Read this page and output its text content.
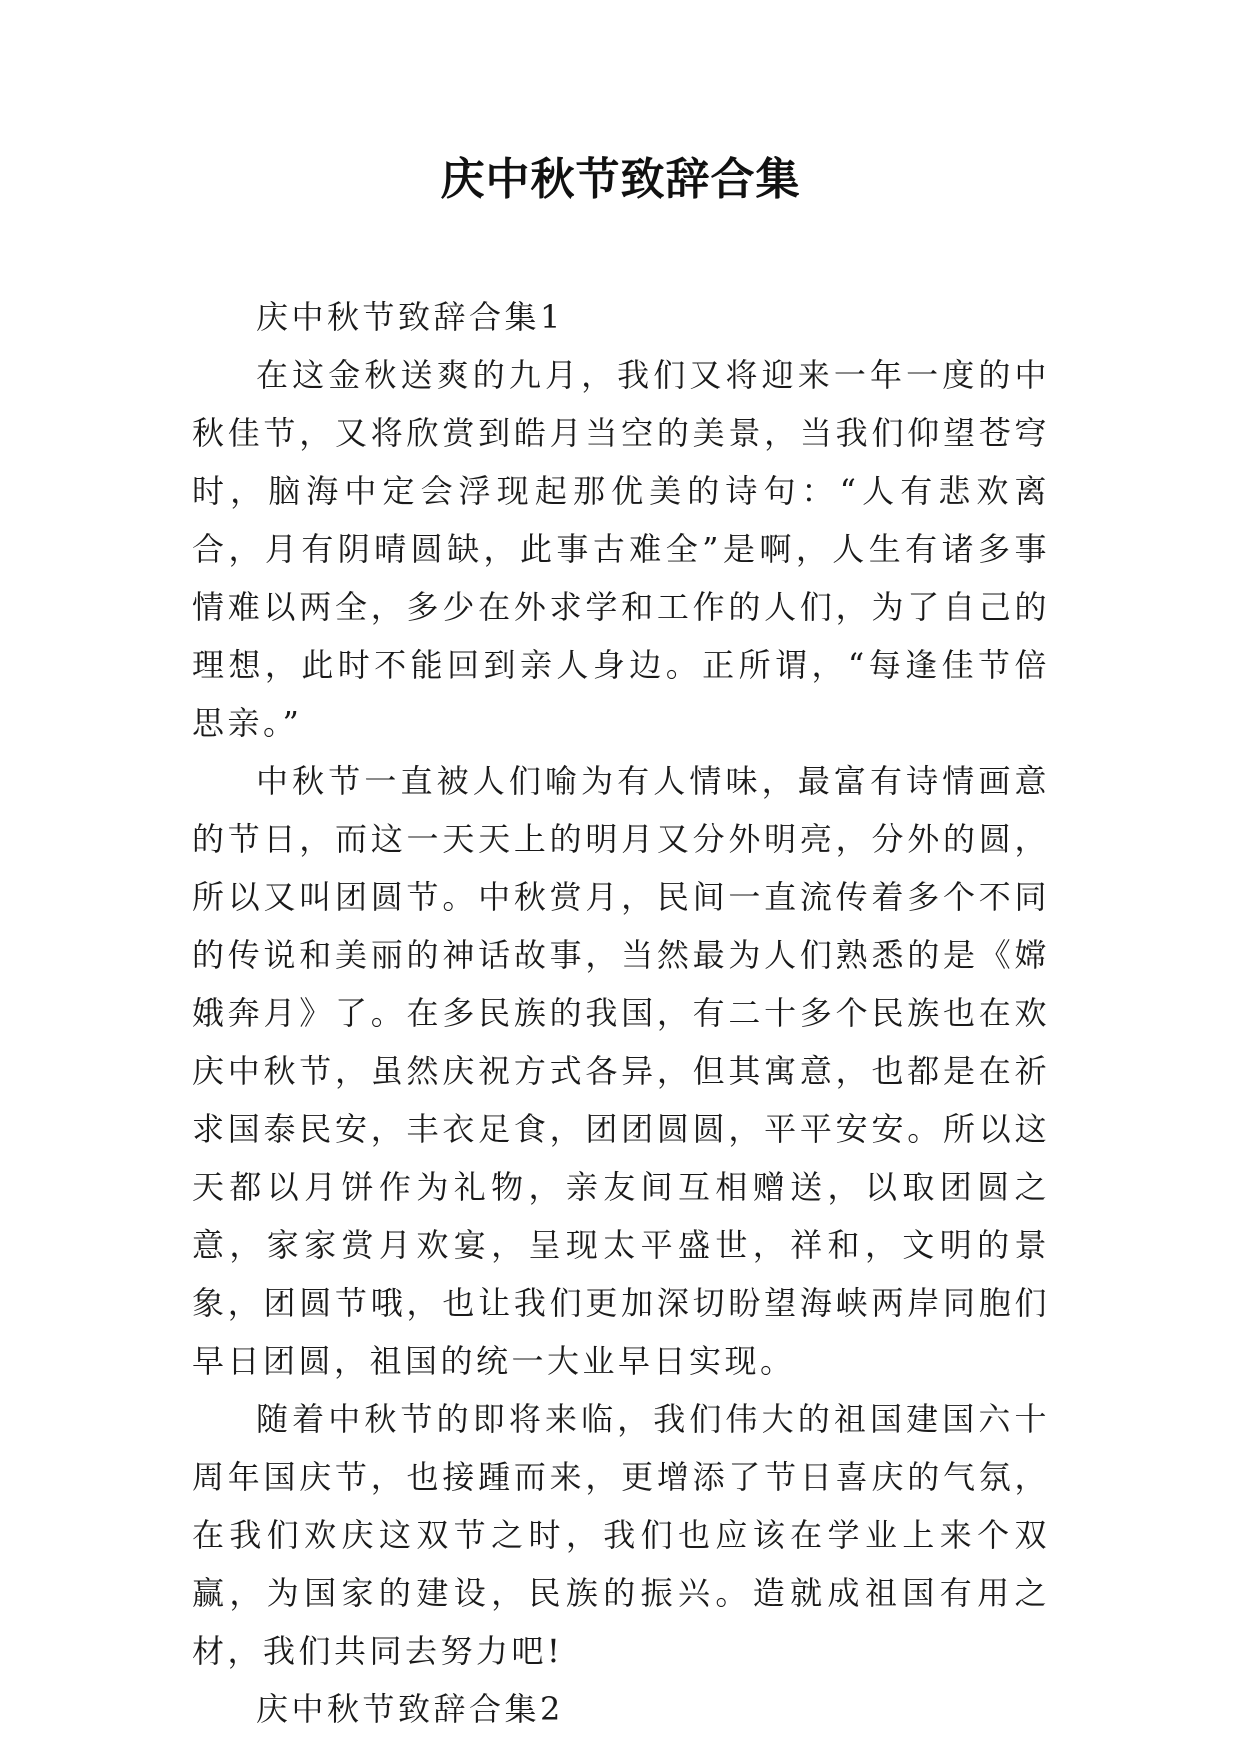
庆中秋节致辞合集

庆中秋节致辞合集1

在这金秋送爽的九月，我们又将迎来一年一度的中秋佳节，又将欣赏到皓月当空的美景，当我们仰望苍穹时，脑海中定会浮现起那优美的诗句：“人有悲欢离合，月有阴晴圆缺，此事古难全”是啊，人生有诸多事情难以两全，多少在外求学和工作的人们，为了自己的理想，此时不能回到亲人身边。正所谓，“每逢佳节倍思亲。”

中秋节一直被人们喻为有人情味，最富有诗情画意的节日，而这一天天上的明月又分外明亮，分外的圆，所以又叫团圆节。中秋赏月，民间一直流传着多个不同的传说和美丽的神话故事，当然最为人们熟悉的是《嫦娥奔月》了。在多民族的我国，有二十多个民族也在欢庆中秋节，虽然庆祝方式各异，但其寓意，也都是在祈求国泰民安，丰衣足食，团团圆圆，平平安安。所以这天都以月饼作为礼物，亲友间互相赠送，以取团圆之意，家家赏月欢宴，呈现太平盛世，祥和，文明的景象，团圆节哦，也让我们更加深切盼望海峡两岸同胞们早日团圆，祖国的统一大业早日实现。

随着中秋节的即将来临，我们伟大的祖国建国六十周年国庆节，也接踵而来，更增添了节日喜庆的气氛，在我们欢庆这双节之时，我们也应该在学业上来个双赢，为国家的建设，民族的振兴。造就成祖国有用之材，我们共同去努力吧!

庆中秋节致辞合集2
